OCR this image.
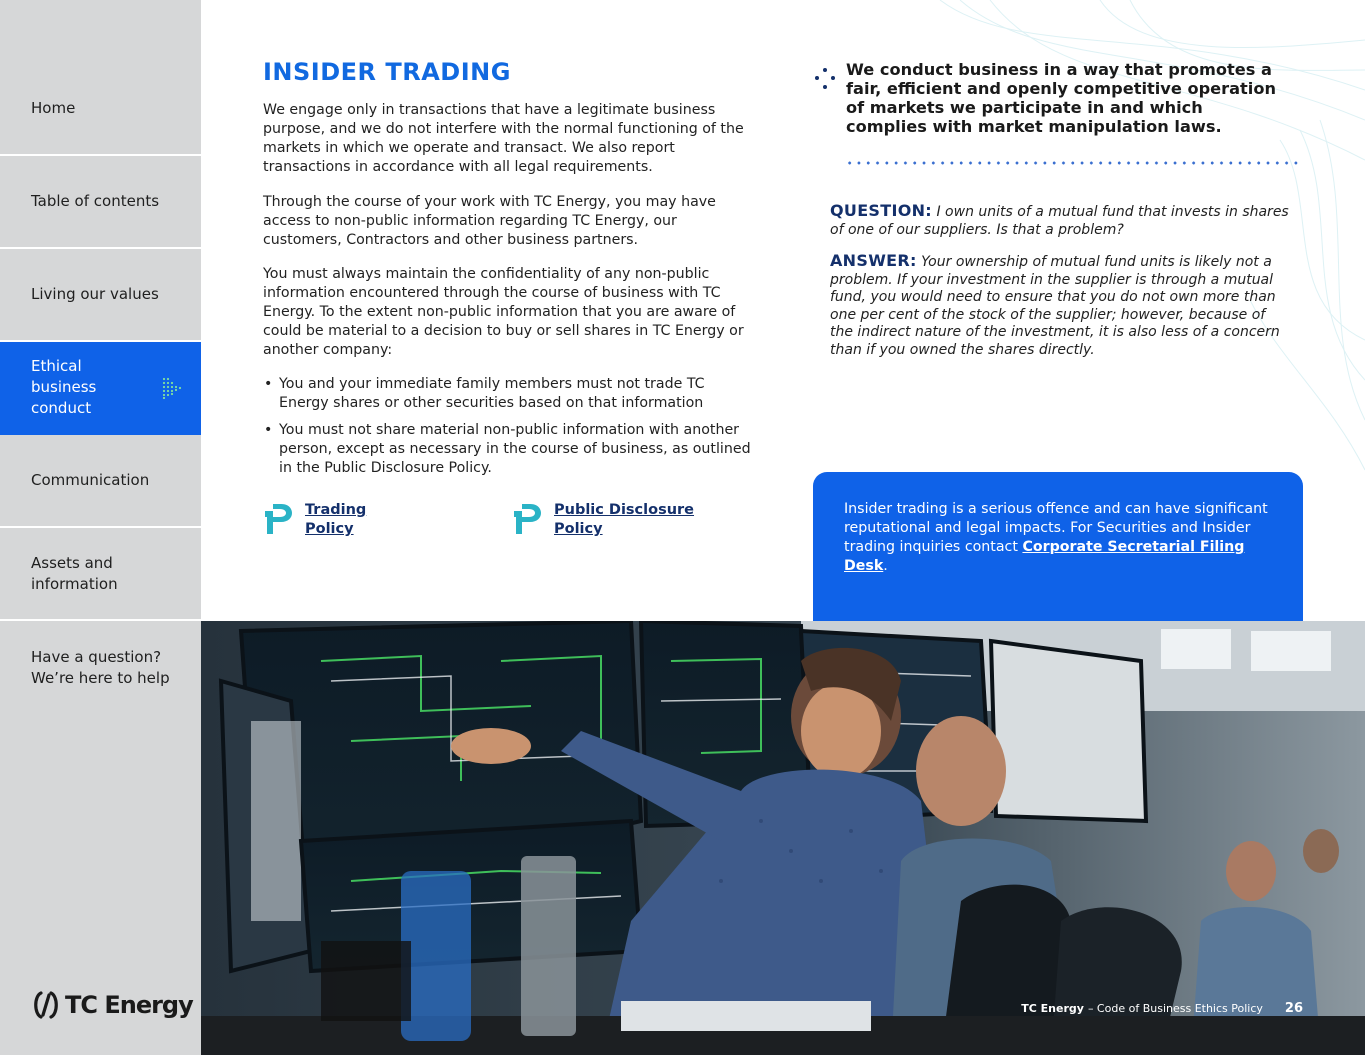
Home
Table of contents
Living our values
Ethical business conduct
Communication
Assets and information
Have a question? We’re here to help
TC Energy
INSIDER TRADING

We engage only in transactions that have a legitimate business purpose, and we do not interfere with the normal functioning of the markets in which we operate and transact. We also report transactions in accordance with all legal requirements.

Through the course of your work with TC Energy, you may have access to non-public information regarding TC Energy, our customers, Contractors and other business partners.

You must always maintain the confidentiality of any non-public information encountered through the course of business with TC Energy. To the extent non-public information that you are aware of could be material to a decision to buy or sell shares in TC Energy or another company:

• You and your immediate family members must not trade TC Energy shares or other securities based on that information
• You must not share material non-public information with another person, except as necessary in the course of business, as outlined in the Public Disclosure Policy.
Trading Policy
Public Disclosure Policy

We conduct business in a way that promotes a fair, efficient and openly competitive operation of markets we participate in and which complies with market manipulation laws.

QUESTION: I own units of a mutual fund that invests in shares of one of our suppliers. Is that a problem?

ANSWER: Your ownership of mutual fund units is likely not a problem. If your investment in the supplier is through a mutual fund, you would need to ensure that you do not own more than one per cent of the stock of the supplier; however, because of the indirect nature of the investment, it is also less of a concern than if you owned the shares directly.

Insider trading is a serious offence and can have significant reputational and legal impacts. For Securities and Insider trading inquiries contact Corporate Secretarial Filing Desk.
TC Energy – Code of Business Ethics Policy 26
